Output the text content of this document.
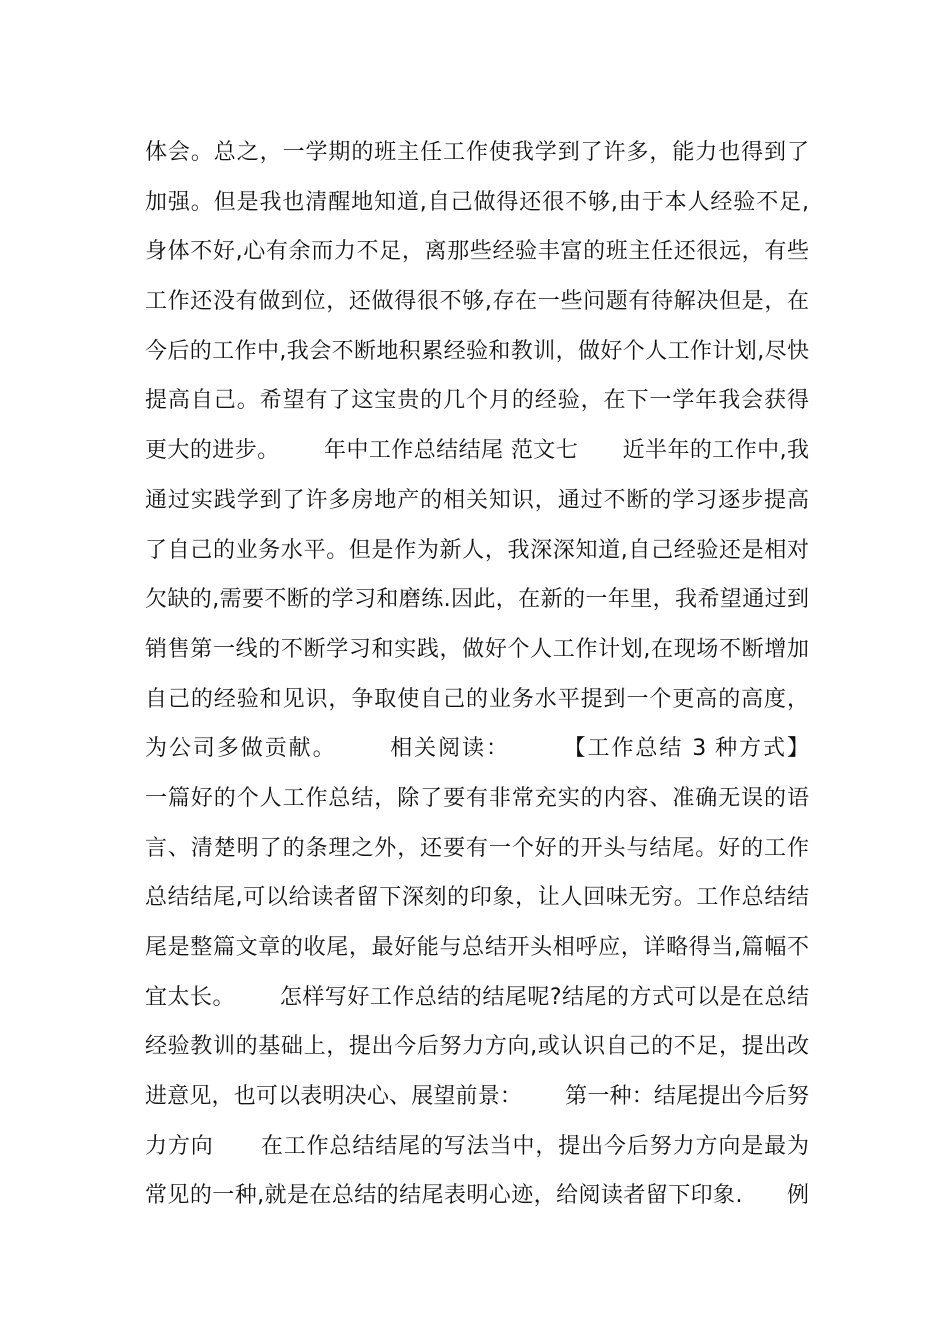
体会。总之，一学期的班主任工作使我学到了许多，能力也得到了
加强。但是我也清醒地知道,自己做得还很不够,由于本人经验不足,
身体不好,心有余而力不足，离那些经验丰富的班主任还很远，有些
工作还没有做到位，还做得很不够,存在一些问题有待解决但是，在
今后的工作中,我会不断地积累经验和教训，做好个人工作计划,尽快
提高自己。希望有了这宝贵的几个月的经验，在下一学年我会获得
更大的进步。      年中工作总结结尾 范文七      近半年的工作中,我
通过实践学到了许多房地产的相关知识，通过不断的学习逐步提高
了自己的业务水平。但是作为新人，我深深知道,自己经验还是相对
欠缺的,需要不断的学习和磨练.因此，在新的一年里，我希望通过到
销售第一线的不断学习和实践，做好个人工作计划,在现场不断增加
自己的经验和见识，争取使自己的业务水平提到一个更高的高度，
为公司多做贡献。      相关阅读：      【工作总结 3 种方式】
一篇好的个人工作总结，除了要有非常充实的内容、准确无误的语
言、清楚明了的条理之外，还要有一个好的开头与结尾。好的工作
总结结尾,可以给读者留下深刻的印象，让人回味无穷。工作总结结
尾是整篇文章的收尾，最好能与总结开头相呼应，详略得当,篇幅不
宜太长。      怎样写好工作总结的结尾呢?结尾的方式可以是在总结
经验教训的基础上，提出今后努力方向,或认识自己的不足，提出改
进意见，也可以表明决心、展望前景：      第一种：结尾提出今后努
力方向      在工作总结结尾的写法当中，提出今后努力方向是最为
常见的一种,就是在总结的结尾表明心迹，给阅读者留下印象.      例
